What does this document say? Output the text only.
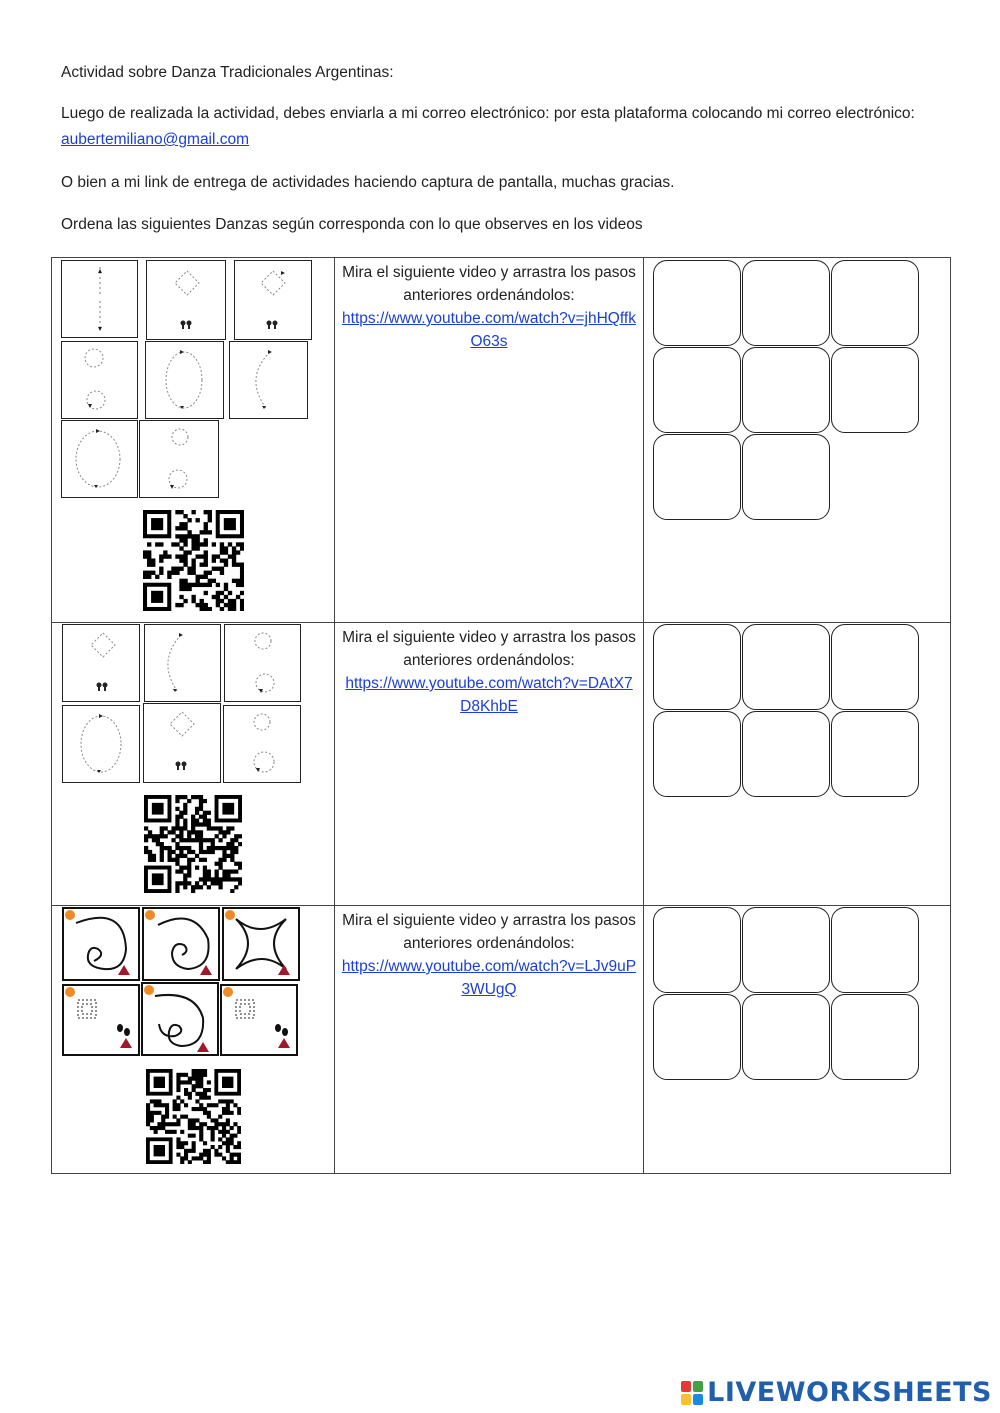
Actividad sobre Danza Tradicionales Argentinas:

Luego de realizada la actividad, debes enviarla a mi correo electrónico: por esta plataforma colocando mi correo electrónico: aubertemiliano@gmail.com

O bien a mi link de entrega de actividades haciendo captura de pantalla, muchas gracias.

Ordena las siguientes Danzas según corresponda con lo que observes en los videos

Mira el siguiente video y arrastra los pasos anteriores ordenándolos:
https://www.youtube.com/watch?v=jhHQffkO63s	

Mira el siguiente video y arrastra los pasos anteriores ordenándolos:
https://www.youtube.com/watch?v=DAtX7D8KhbE	

Mira el siguiente video y arrastra los pasos anteriores ordenándolos:
https://www.youtube.com/watch?v=LJv9uP3WUgQ	

LIVEWORKSHEETS
